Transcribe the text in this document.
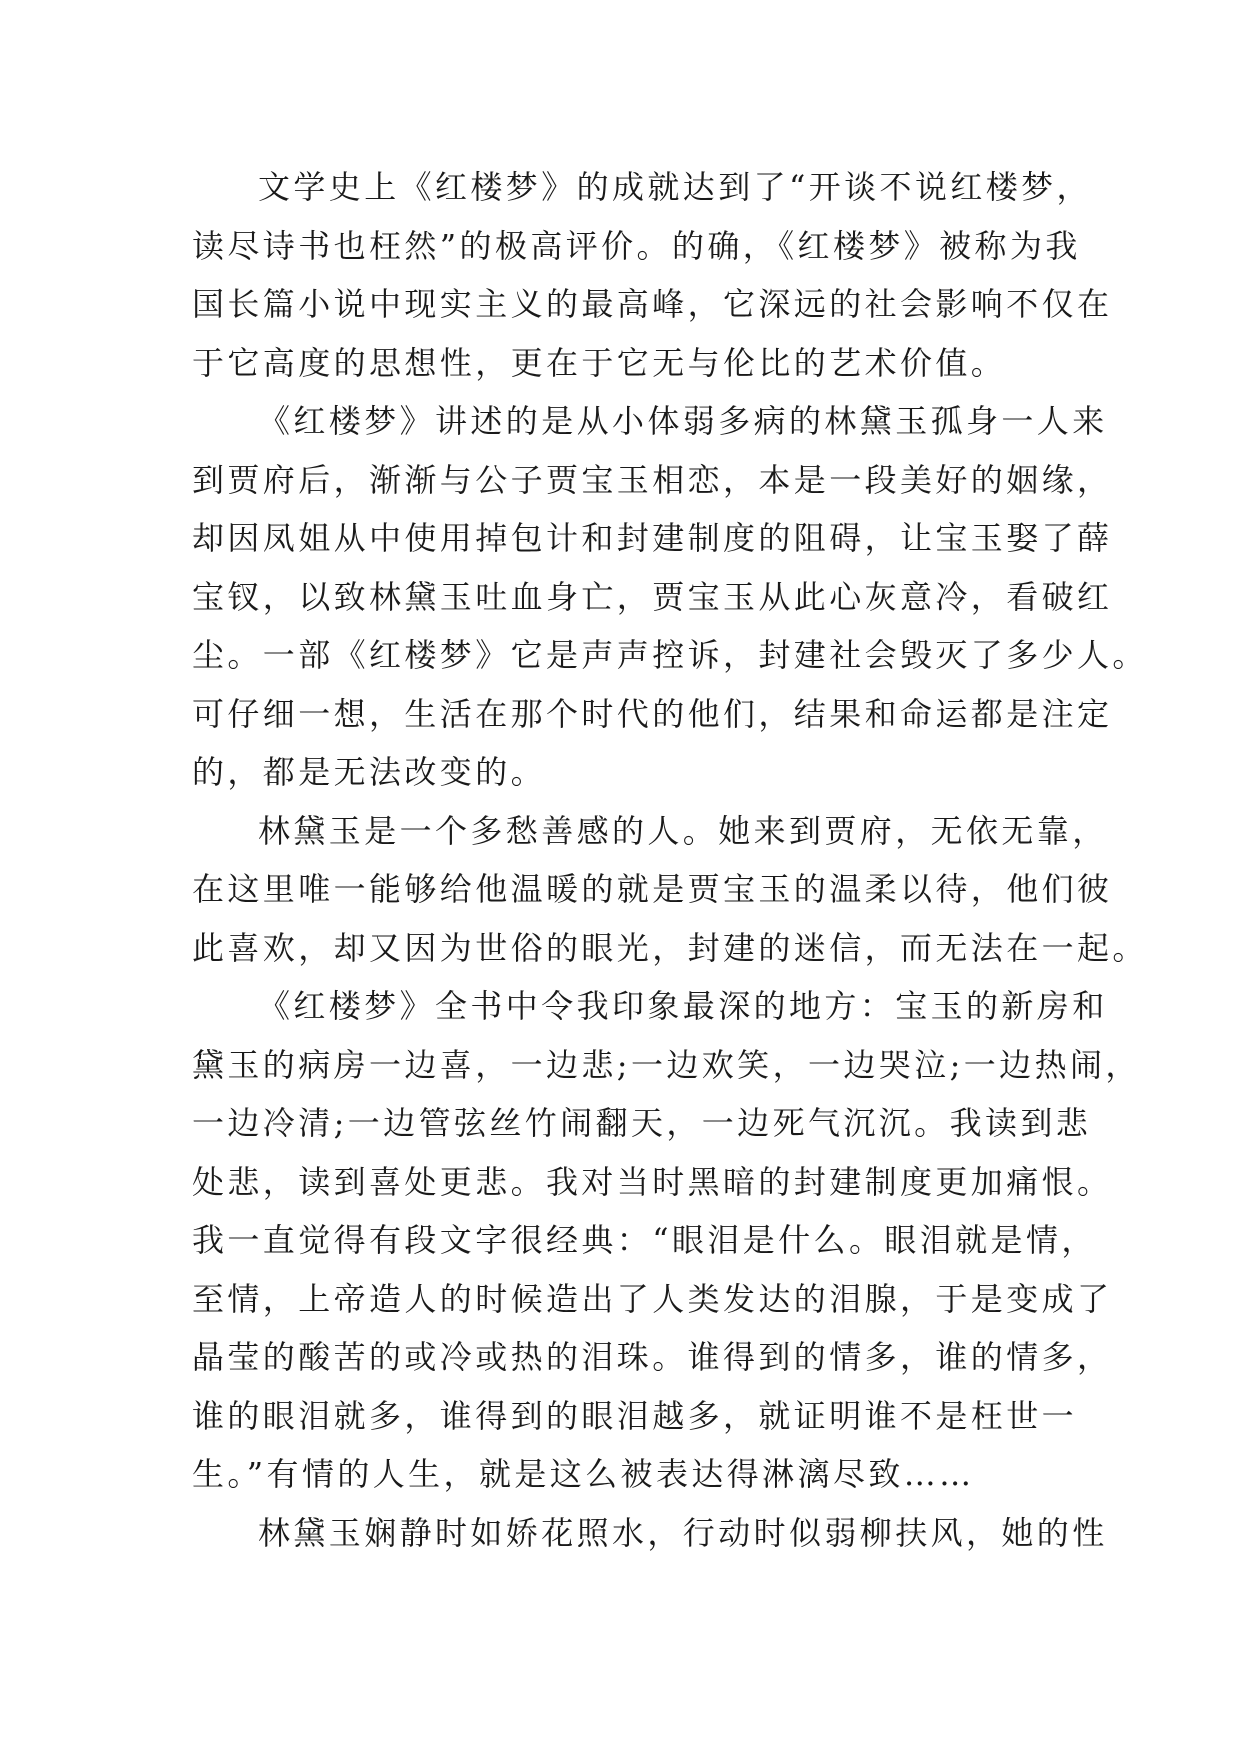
文学史上《红楼梦》的成就达到了“开谈不说红楼梦，
读尽诗书也枉然”的极高评价。的确，《红楼梦》被称为我
国长篇小说中现实主义的最高峰，它深远的社会影响不仅在
于它高度的思想性，更在于它无与伦比的艺术价值。
《红楼梦》讲述的是从小体弱多病的林黛玉孤身一人来
到贾府后，渐渐与公子贾宝玉相恋，本是一段美好的姻缘，
却因凤姐从中使用掉包计和封建制度的阻碍，让宝玉娶了薛
宝钗，以致林黛玉吐血身亡，贾宝玉从此心灰意冷，看破红
尘。一部《红楼梦》它是声声控诉，封建社会毁灭了多少人。
可仔细一想，生活在那个时代的他们，结果和命运都是注定
的，都是无法改变的。
林黛玉是一个多愁善感的人。她来到贾府，无依无靠，
在这里唯一能够给他温暖的就是贾宝玉的温柔以待，他们彼
此喜欢，却又因为世俗的眼光，封建的迷信，而无法在一起。
《红楼梦》全书中令我印象最深的地方：宝玉的新房和
黛玉的病房一边喜，一边悲;一边欢笑，一边哭泣;一边热闹，
一边冷清;一边管弦丝竹闹翻天，一边死气沉沉。我读到悲
处悲，读到喜处更悲。我对当时黑暗的封建制度更加痛恨。
我一直觉得有段文字很经典：“眼泪是什么。眼泪就是情，
至情，上帝造人的时候造出了人类发达的泪腺，于是变成了
晶莹的酸苦的或冷或热的泪珠。谁得到的情多，谁的情多，
谁的眼泪就多，谁得到的眼泪越多，就证明谁不是枉世一
生。”有情的人生，就是这么被表达得淋漓尽致……
林黛玉娴静时如娇花照水，行动时似弱柳扶风，她的性
